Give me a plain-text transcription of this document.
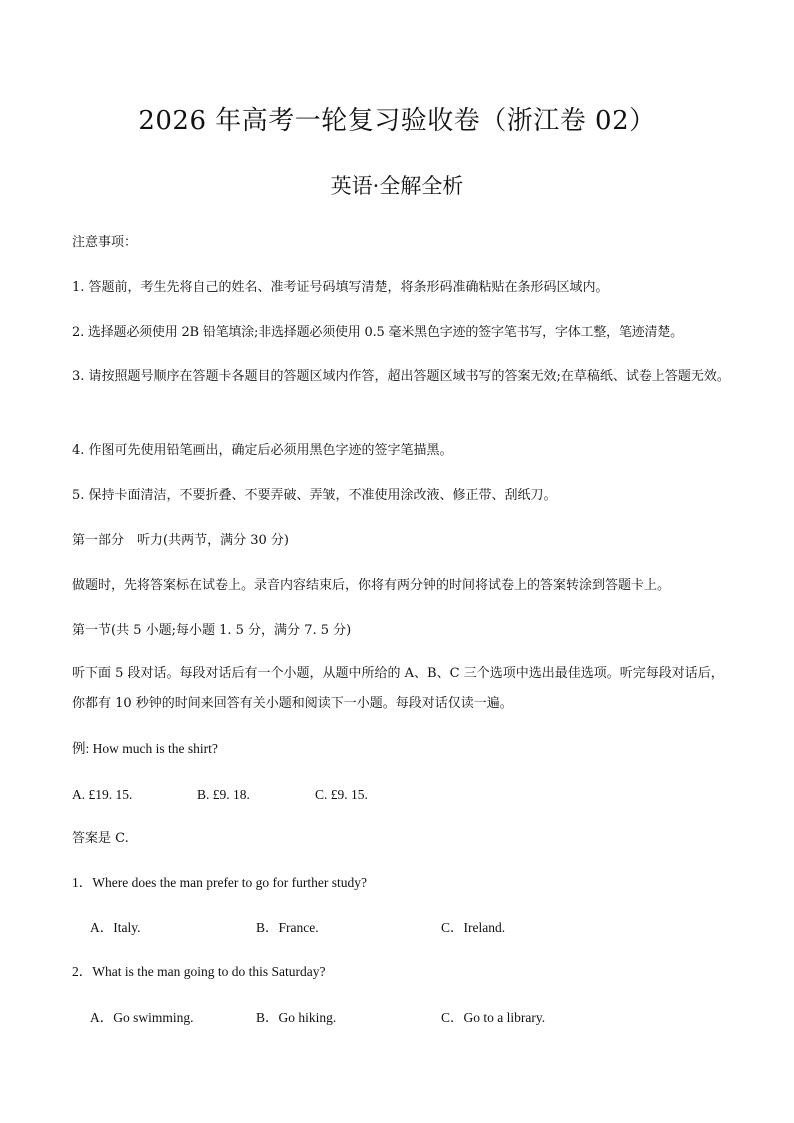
2026 年高考一轮复习验收卷（浙江卷 02）
英语·全解全析
注意事项：
1. 答题前，考生先将自己的姓名、准考证号码填写清楚，将条形码准确粘贴在条形码区域内。
2. 选择题必须使用 2B 铅笔填涂;非选择题必须使用 0.5 毫米黑色字迹的签字笔书写，字体工整，笔迹清楚。
3. 请按照题号顺序在答题卡各题目的答题区域内作答，超出答题区域书写的答案无效;在草稿纸、试卷上答题无效。
4. 作图可先使用铅笔画出，确定后必须用黑色字迹的签字笔描黑。
5. 保持卡面清洁，不要折叠、不要弄破、弄皱，不准使用涂改液、修正带、刮纸刀。
第一部分　听力(共两节，满分 30 分)
做题时，先将答案标在试卷上。录音内容结束后，你将有两分钟的时间将试卷上的答案转涂到答题卡上。
第一节(共 5 小题;每小题 1. 5 分，满分 7. 5 分)
听下面 5 段对话。每段对话后有一个小题，从题中所给的 A、B、C 三个选项中选出最佳选项。听完每段对话后，你都有 10 秒钟的时间来回答有关小题和阅读下一小题。每段对话仅读一遍。
例: How much is the shirt?
A. £19. 15.	B. £9. 18.	C. £9. 15.
答案是 C.
1．Where does the man prefer to go for further study?
A．Italy.	B．France.	C．Ireland.
2．What is the man going to do this Saturday?
A．Go swimming.	B．Go hiking.	C．Go to a library.
